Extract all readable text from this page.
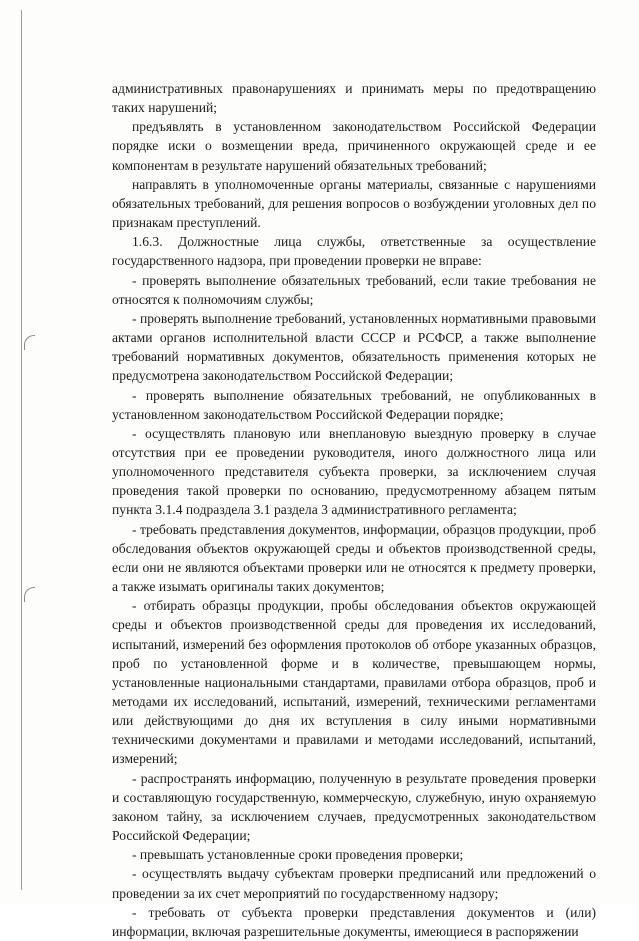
административных правонарушениях и принимать меры по предотвращению таких нарушений;

предъявлять в установленном законодательством Российской Федерации порядке иски о возмещении вреда, причиненного окружающей среде и ее компонентам в результате нарушений обязательных требований;

направлять в уполномоченные органы материалы, связанные с нарушениями обязательных требований, для решения вопросов о возбуждении уголовных дел по признакам преступлений.

1.6.3. Должностные лица службы, ответственные за осуществление государственного надзора, при проведении проверки не вправе:

- проверять выполнение обязательных требований, если такие требования не относятся к полномочиям службы;

- проверять выполнение требований, установленных нормативными правовыми актами органов исполнительной власти СССР и РСФСР, а также выполнение требований нормативных документов, обязательность применения которых не предусмотрена законодательством Российской Федерации;

- проверять выполнение обязательных требований, не опубликованных в установленном законодательством Российской Федерации порядке;

- осуществлять плановую или внеплановую выездную проверку в случае отсутствия при ее проведении руководителя, иного должностного лица или уполномоченного представителя субъекта проверки, за исключением случая проведения такой проверки по основанию, предусмотренному абзацем пятым пункта 3.1.4 подраздела 3.1 раздела 3 административного регламента;

- требовать представления документов, информации, образцов продукции, проб обследования объектов окружающей среды и объектов производственной среды, если они не являются объектами проверки или не относятся к предмету проверки, а также изымать оригиналы таких документов;

- отбирать образцы продукции, пробы обследования объектов окружающей среды и объектов производственной среды для проведения их исследований, испытаний, измерений без оформления протоколов об отборе указанных образцов, проб по установленной форме и в количестве, превышающем нормы, установленные национальными стандартами, правилами отбора образцов, проб и методами их исследований, испытаний, измерений, техническими регламентами или действующими до дня их вступления в силу иными нормативными техническими документами и правилами и методами исследований, испытаний, измерений;

- распространять информацию, полученную в результате проведения проверки и составляющую государственную, коммерческую, служебную, иную охраняемую законом тайну, за исключением случаев, предусмотренных законодательством Российской Федерации;

- превышать установленные сроки проведения проверки;

- осуществлять выдачу субъектам проверки предписаний или предложений о проведении за их счет мероприятий по государственному надзору;

- требовать от субъекта проверки представления документов и (или) информации, включая разрешительные документы, имеющиеся в распоряжении
